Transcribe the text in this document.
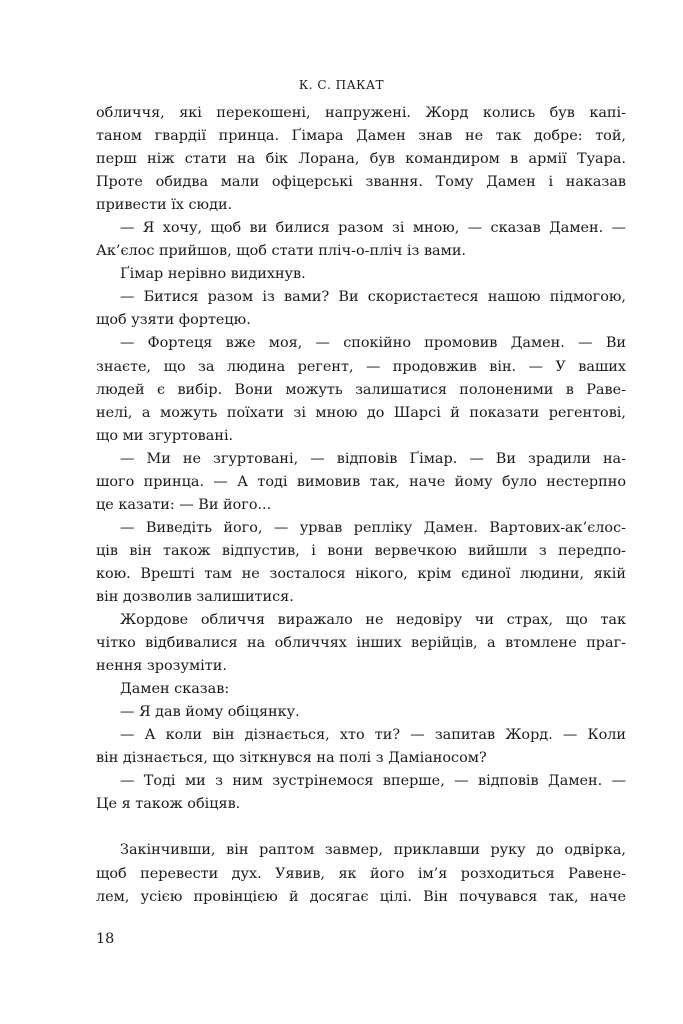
К. С. ПАКАТ
обличчя, які перекошені, напружені. Жорд колись був капі-
таном гвардії принца. Ґімара Дамен знав не так добре: той,
перш ніж стати на бік Лорана, був командиром в армії Туара.
Проте обидва мали офіцерські звання. Тому Дамен і наказав
привести їх сюди.
— Я хочу, щоб ви билися разом зі мною, — сказав Дамен. —
Ак’єлос прийшов, щоб стати пліч-о-пліч із вами.
Ґімар нерівно видихнув.
— Битися разом із вами? Ви скористаєтеся нашою підмогою,
щоб узяти фортецю.
— Фортеця вже моя, — спокійно промовив Дамен. — Ви
знаєте, що за людина регент, — продовжив він. — У ваших
людей є вибір. Вони можуть залишатися полоненими в Раве-
нелі, а можуть поїхати зі мною до Шарсі й показати регентові,
що ми згуртовані.
— Ми не згуртовані, — відповів Ґімар. — Ви зрадили на-
шого принца. — А тоді вимовив так, наче йому було нестерпно
це казати: — Ви його...
— Виведіть його, — урвав репліку Дамен. Вартових-ак’єлос-
ців він також відпустив, і вони вервечкою вийшли з передпо-
кою. Врешті там не зосталося нікого, крім єдиної людини, якій
він дозволив залишитися.
Жордове обличчя виражало не недовіру чи страх, що так
чітко відбивалися на обличчях інших верійців, а втомлене праг-
нення зрозуміти.
Дамен сказав:
— Я дав йому обіцянку.
— А коли він дізнається, хто ти? — запитав Жорд. — Коли
він дізнається, що зіткнувся на полі з Даміаносом?
— Тоді ми з ним зустрінемося вперше, — відповів Дамен. —
Це я також обіцяв.
Закінчивши, він раптом завмер, приклавши руку до одвірка,
щоб перевести дух. Уявив, як його ім’я розходиться Равене-
лем, усією провінцією й досягає цілі. Він почувався так, наче
18
